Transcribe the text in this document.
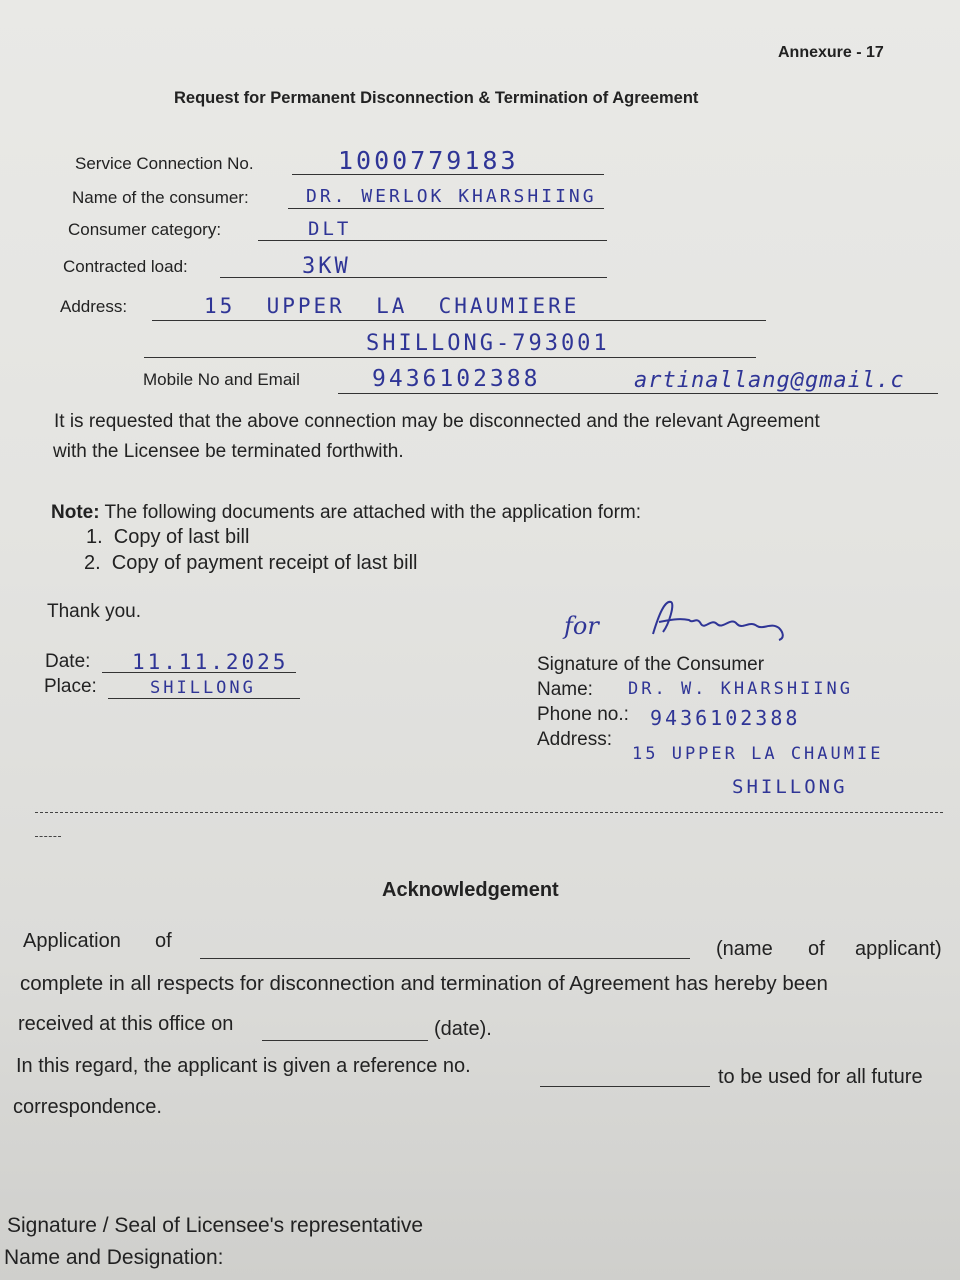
Annexure - 17
Request for Permanent Disconnection & Termination of Agreement
Service Connection No.	1000779183
Name of the consumer:	DR. WERLOK KHARSHIING
Consumer category:	DLT
Contracted load:	3KW
Address:	15  UPPER  LA  CHAUMIERE
SHILLONG-793001
Mobile No and Email	9436102388	artinallang@gmail.c
It is requested that the above connection may be disconnected and the relevant Agreement
with the Licensee be terminated forthwith.
Note: The following documents are attached with the application form:
1.  Copy of last bill
2.  Copy of payment receipt of last bill
Thank you.
Date: 11.11.2025
Place:	SHILLONG
for
Signature of the Consumer
Name: DR. W. KHARSHIING
Phone no.: 9436102388
Address:
15 UPPER LA CHAUMIE
SHILLONG
Acknowledgement
Application of	(name of applicant)
complete in all respects for disconnection and termination of Agreement has hereby been
received at this office on	(date).
In this regard, the applicant is given a reference no.	to be used for all future
correspondence.
Signature / Seal of Licensee's representative
Name and Designation:
